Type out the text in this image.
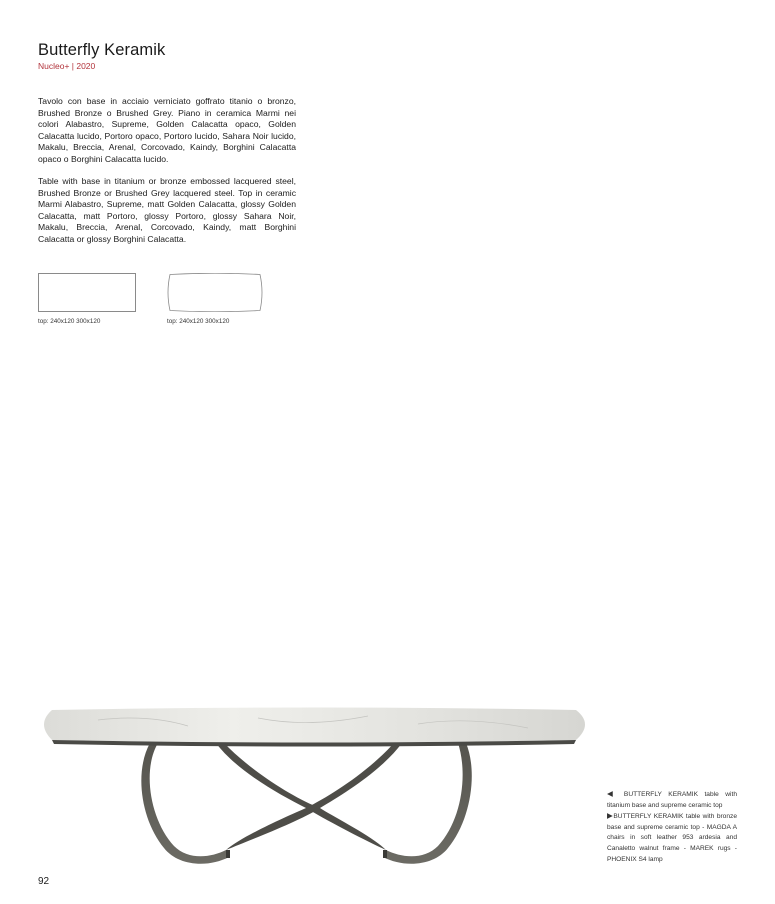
Butterfly Keramik
Nucleo+ | 2020

Tavolo con base in acciaio verniciato goffrato titanio o bronzo, Brushed Bronze o Brushed Grey. Piano in ceramica Marmi nei colori Alabastro, Supreme, Golden Calacatta opaco, Golden Calacatta lucido, Portoro opaco, Portoro lucido, Sahara Noir lucido, Makalu, Breccia, Arenal, Corcovado, Kaindy, Borghini Calacatta opaco o Borghini Calacatta lucido.

Table with base in titanium or bronze embossed lacquered steel, Brushed Bronze or Brushed Grey lacquered steel. Top in ceramic Marmi Alabastro, Supreme, matt Golden Calacatta, glossy Golden Calacatta, matt Portoro, glossy Portoro, glossy Sahara Noir, Makalu, Breccia, Arenal, Corcovado, Kaindy, matt Borghini Calacatta or glossy Borghini Calacatta.

top: 240x120 300x120	top: 240x120 300x120
◀ BUTTERFLY KERAMIK table with titanium base and supreme ceramic top
▶BUTTERFLY KERAMIK table with bronze base and supreme ceramic top - MAGDA A chairs in soft leather 953 ardesia and Canaletto walnut frame - MAREK rugs - PHOENIX S4 lamp
92
